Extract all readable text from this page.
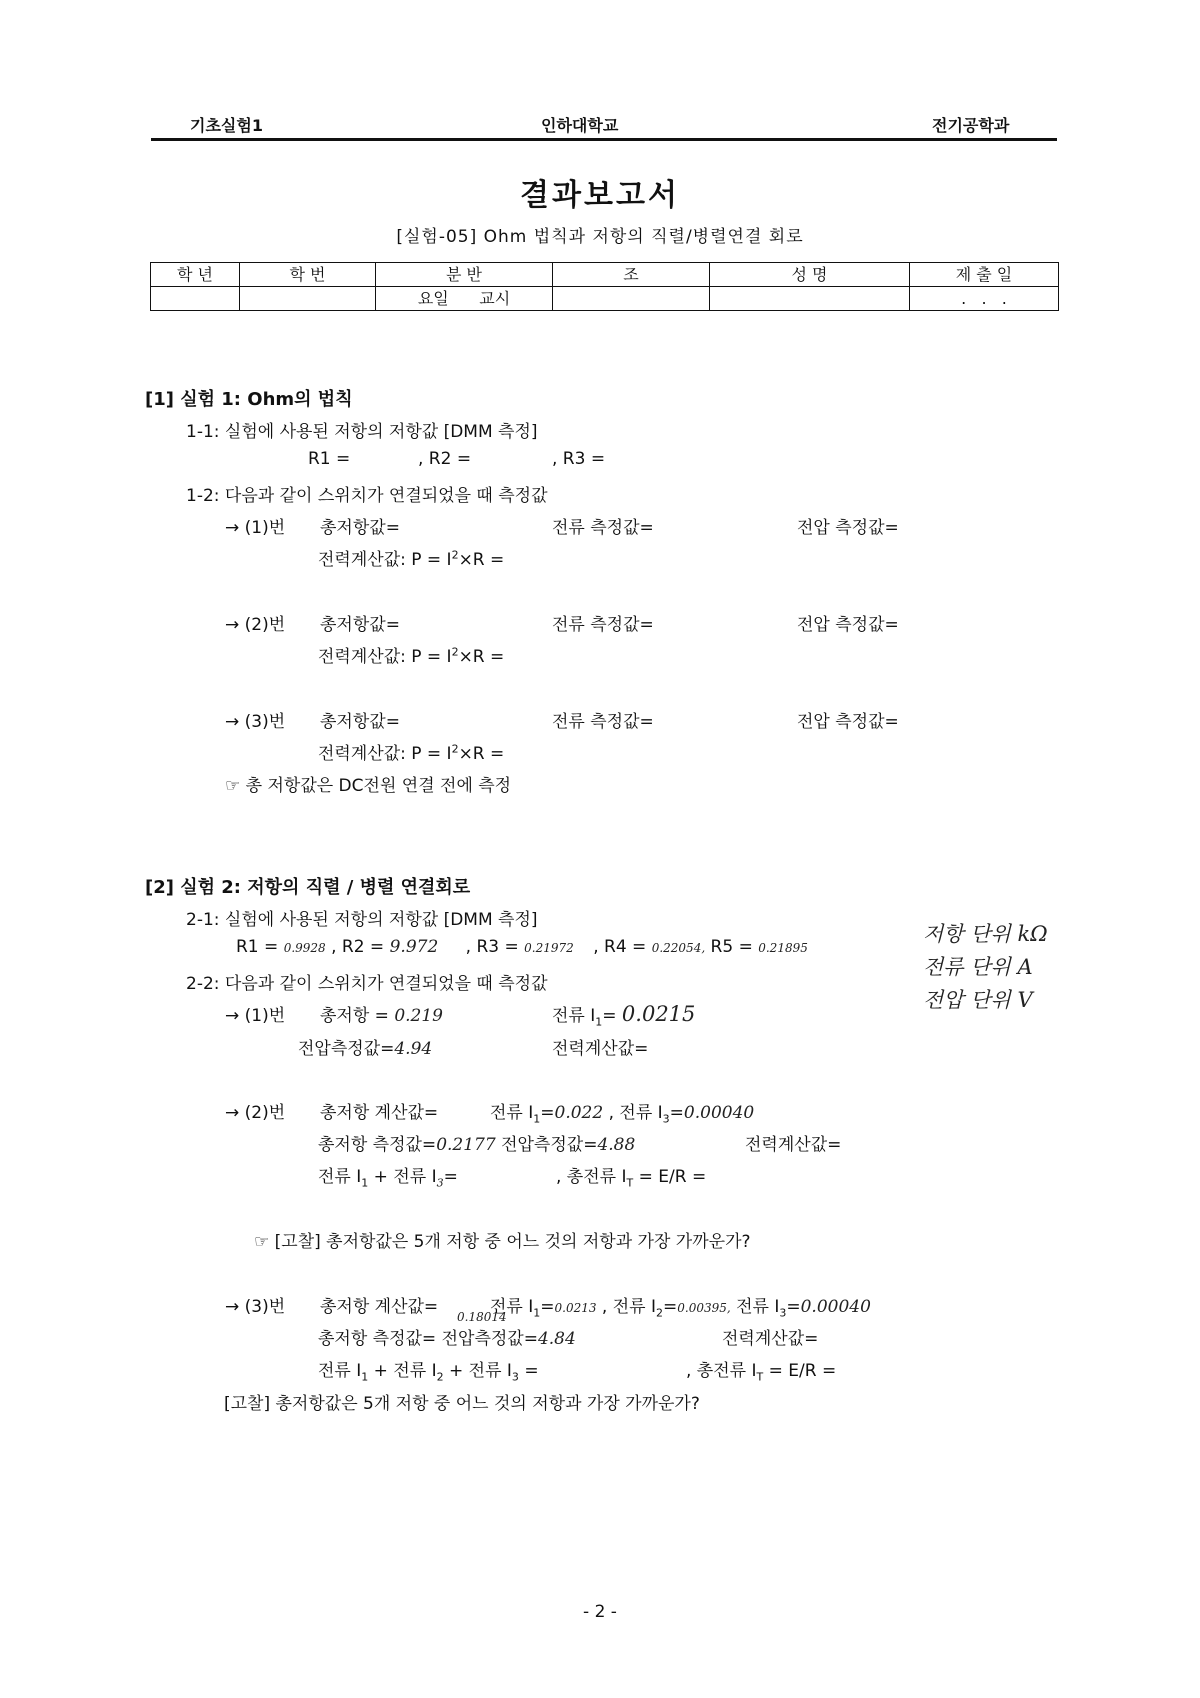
기초실험1	인하대학교	전기공학과
결과보고서
[실험-05] Ohm 법칙과 저항의 직렬/병렬연결 회로
학 년	학 번	분 반	조	성 명	제 출 일
		요일      교시			.   .   .
[1] 실험 1: Ohm의 법칙
1-1: 실험에 사용된 저항의 저항값 [DMM 측정]
R1 =	, R2 =	, R3 =
1-2: 다음과 같이 스위치가 연결되었을 때 측정값
→ (1)번 총저항값=	전류 측정값=	전압 측정값=
전력계산값: $P = I^2\times R$ =
→ (2)번 총저항값=	전류 측정값=	전압 측정값=
전력계산값: $P = I^2\times R$ =
→ (3)번 총저항값=	전류 측정값=	전압 측정값=
전력계산값: $P = I^2\times R$ =
☞ 총 저항값은 DC전원 연결 전에 측정
[2] 실험 2: 저항의 직렬 / 병렬 연결회로
2-1: 실험에 사용된 저항의 저항값 [DMM 측정]
R1 = 0.9928 , R2 = 9.972 , R3 = 0.21972 , R4 = 0.22054, R5 = 0.21895
저항 단위 kΩ
전류 단위 A
전압 단위 V
2-2: 다음과 같이 스위치가 연결되었을 때 측정값
→ (1)번 총저항 = 0.219	전류 $I_1= 0.0215$
전압측정값=4.94	전력계산값=
→ (2)번 총저항 계산값=	전류 $I_1=0.022$ , 전류 $I_3=0.00040$
총저항 측정값=0.2177 전압측정값=4.88	전력계산값=
전류 $I_1$ + 전류 $I_3=$	, 총전류 $I_T = E/R$ =
☞ [고찰] 총저항값은 5개 저항 중 어느 것의 저항과 가장 가까운가?
→ (3)번 총저항 계산값=	전류 $I_1=0.0213$ , 전류 $I_2=0.00395$, 전류 $I_3=0.00040$
0.18014
총저항 측정값= 전압측정값=4.84	전력계산값=
전류 $I_1$ + 전류 $I_2$ + 전류 $I_3$ =	, 총전류 $I_T = E/R$ =
[고찰] 총저항값은 5개 저항 중 어느 것의 저항과 가장 가까운가?
- 2 -
